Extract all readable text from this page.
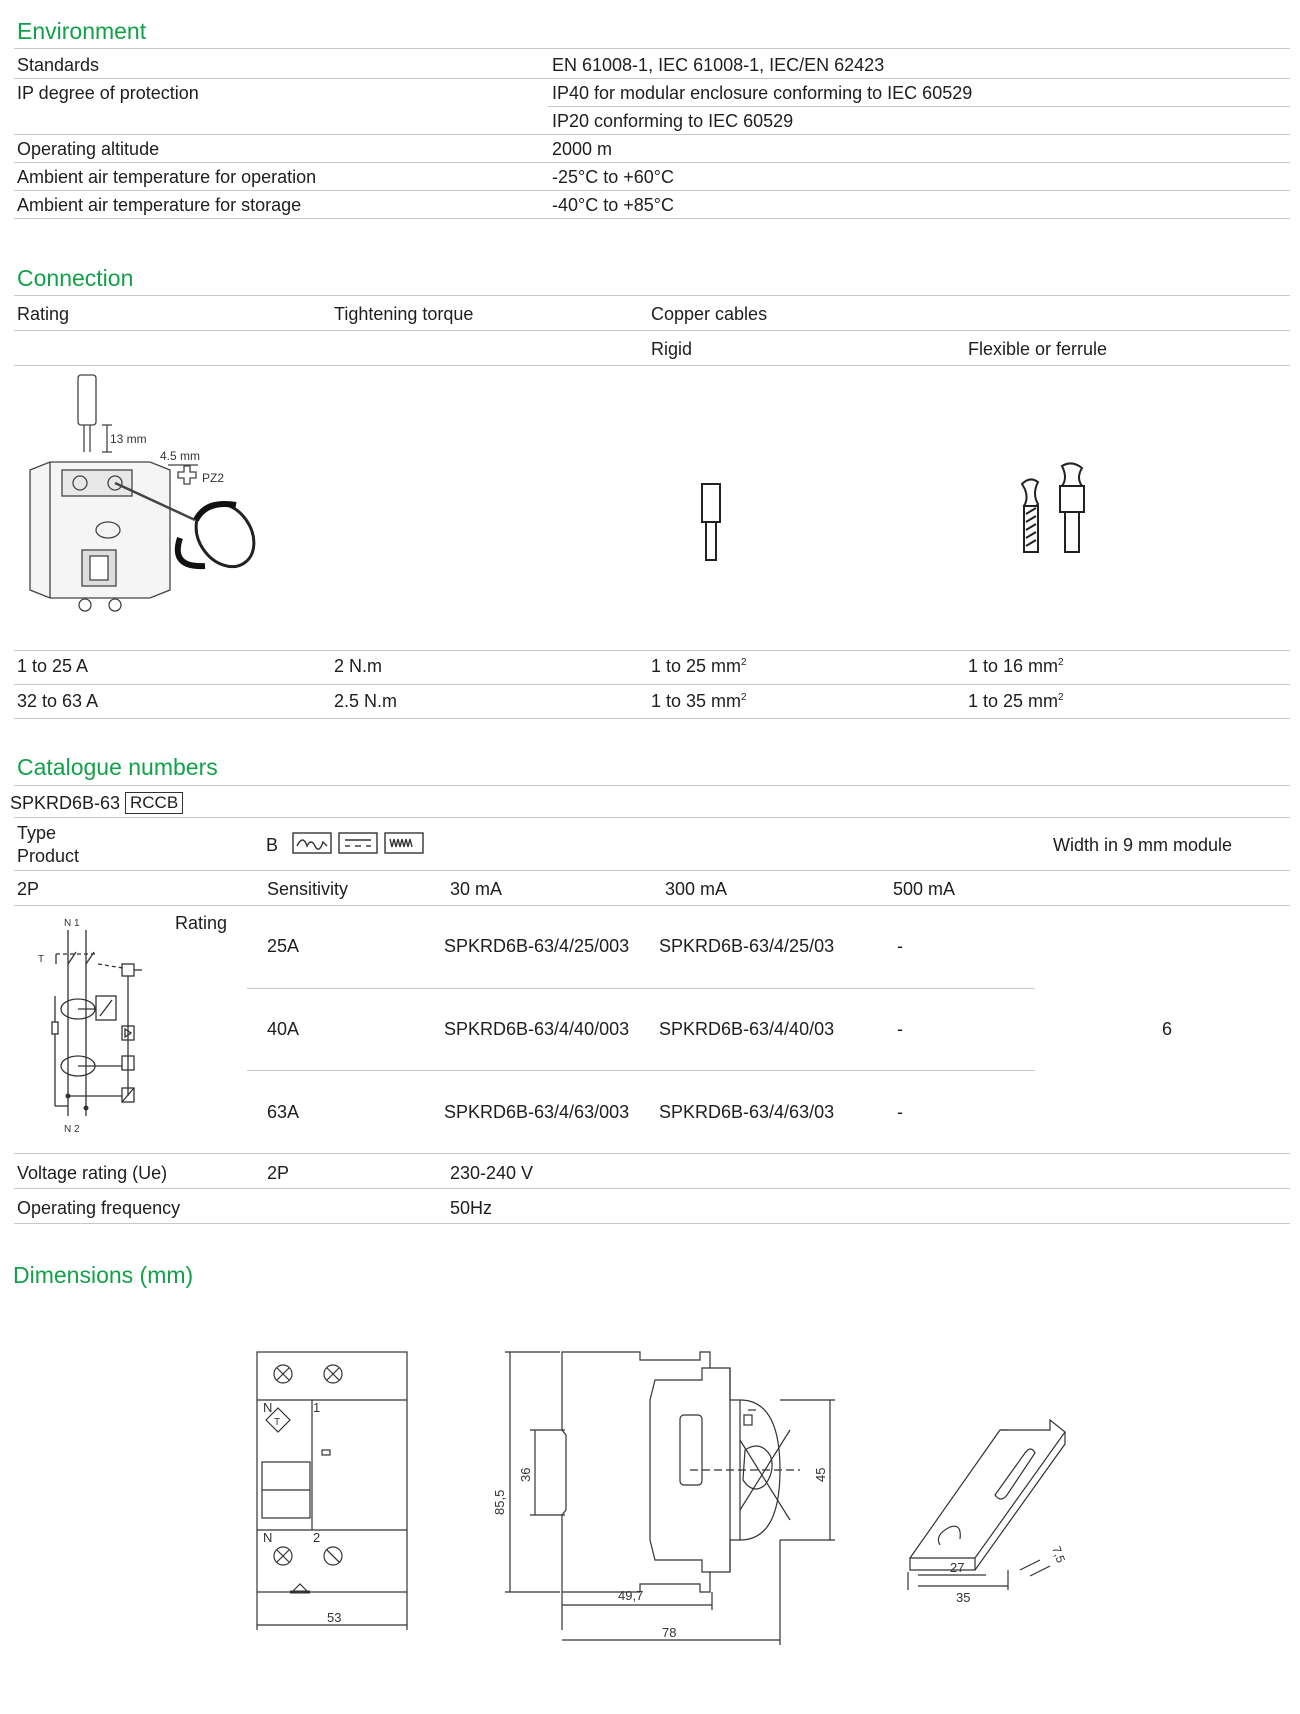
Environment
Standards	EN 61008-1, IEC 61008-1, IEC/EN 62423
IP degree of protection	IP40 for modular enclosure conforming to IEC 60529
IP20 conforming to IEC 60529
Operating altitude	2000 m
Ambient air temperature for operation	-25°C to +60°C
Ambient air temperature for storage	-40°C to +85°C
Connection
Rating	Tightening torque	Copper cables
Rigid	Flexible or ferrule
13 mm
4.5 mm
PZ2
1 to 25 A	2 N.m	1 to 25 $mm^2$	1 to 16 $mm^2$
32 to 63 A	2.5 N.m	1 to 35 $mm^2$	1 to 25 $mm^2$
Catalogue numbers
SPKRD6B-63 RCCB
Type
Product
B	Width in 9 mm module
2P	Sensitivity	30 mA	300 mA	500 mA
Rating
N 1
T
N 2
25A	SPKRD6B-63/4/25/003 SPKRD6B-63/4/25/03	-
40A	SPKRD6B-63/4/40/003 SPKRD6B-63/4/40/03	-	6
63A	SPKRD6B-63/4/63/003 SPKRD6B-63/4/63/03	-
Voltage rating (Ue)	2P	230-240 V
Operating frequency	50Hz
Dimensions (mm)
N	1
T
N	2
53
85,5
36	45
49,7
78
27
35
7,5
